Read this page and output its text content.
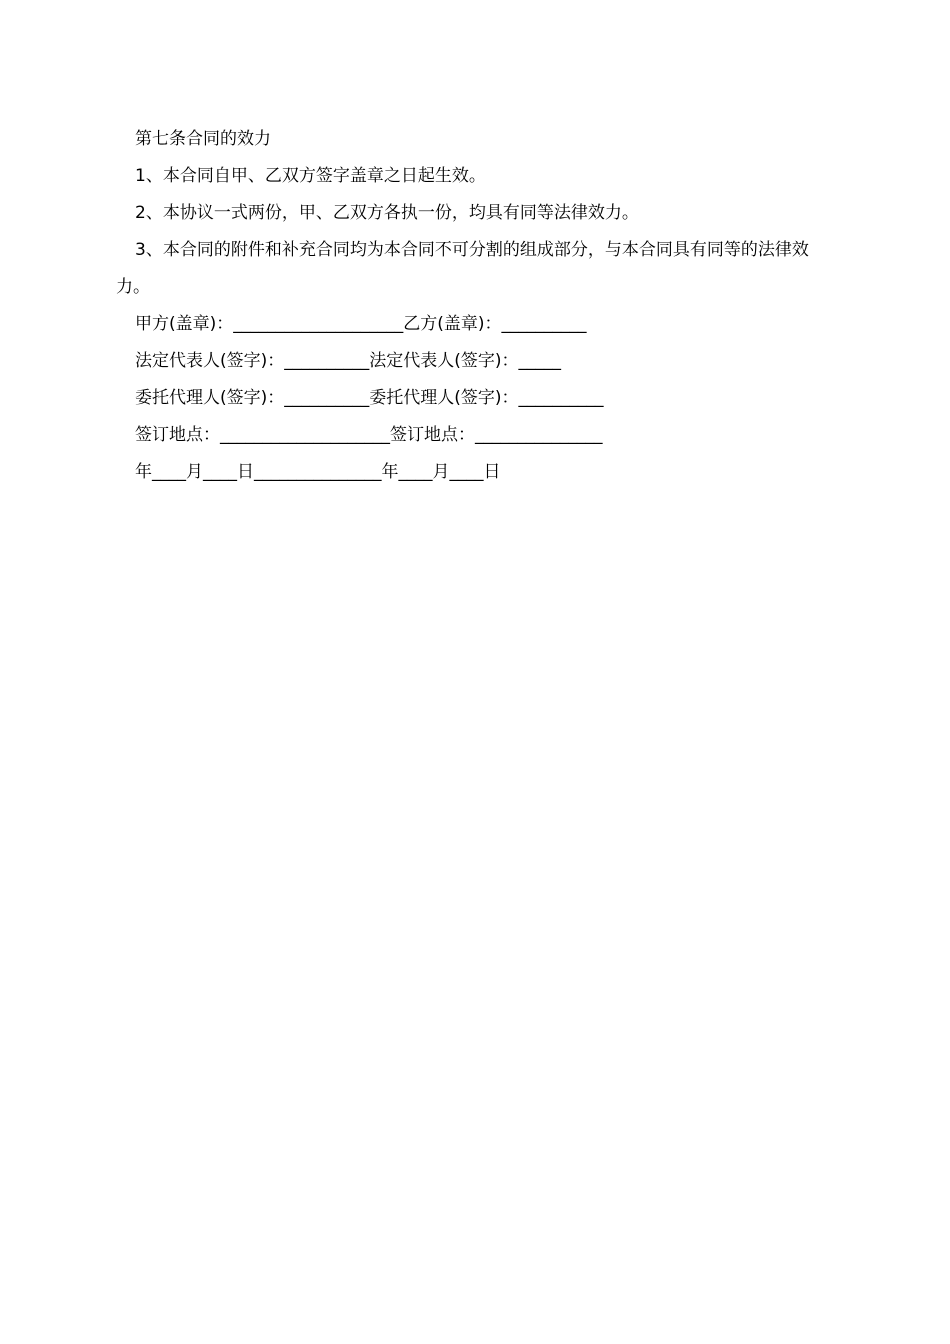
第七条合同的效力
1、本合同自甲、乙双方签字盖章之日起生效。
2、本协议一式两份，甲、乙双方各执一份，均具有同等法律效力。
3、本合同的附件和补充合同均为本合同不可分割的组成部分，与本合同具有同等的法律效力。
甲方(盖章)：____________________乙方(盖章)：__________
法定代表人(签字)：__________法定代表人(签字)：_____
委托代理人(签字)：__________委托代理人(签字)：__________
签订地点：____________________签订地点：_______________
年____月____日_______________年____月____日
